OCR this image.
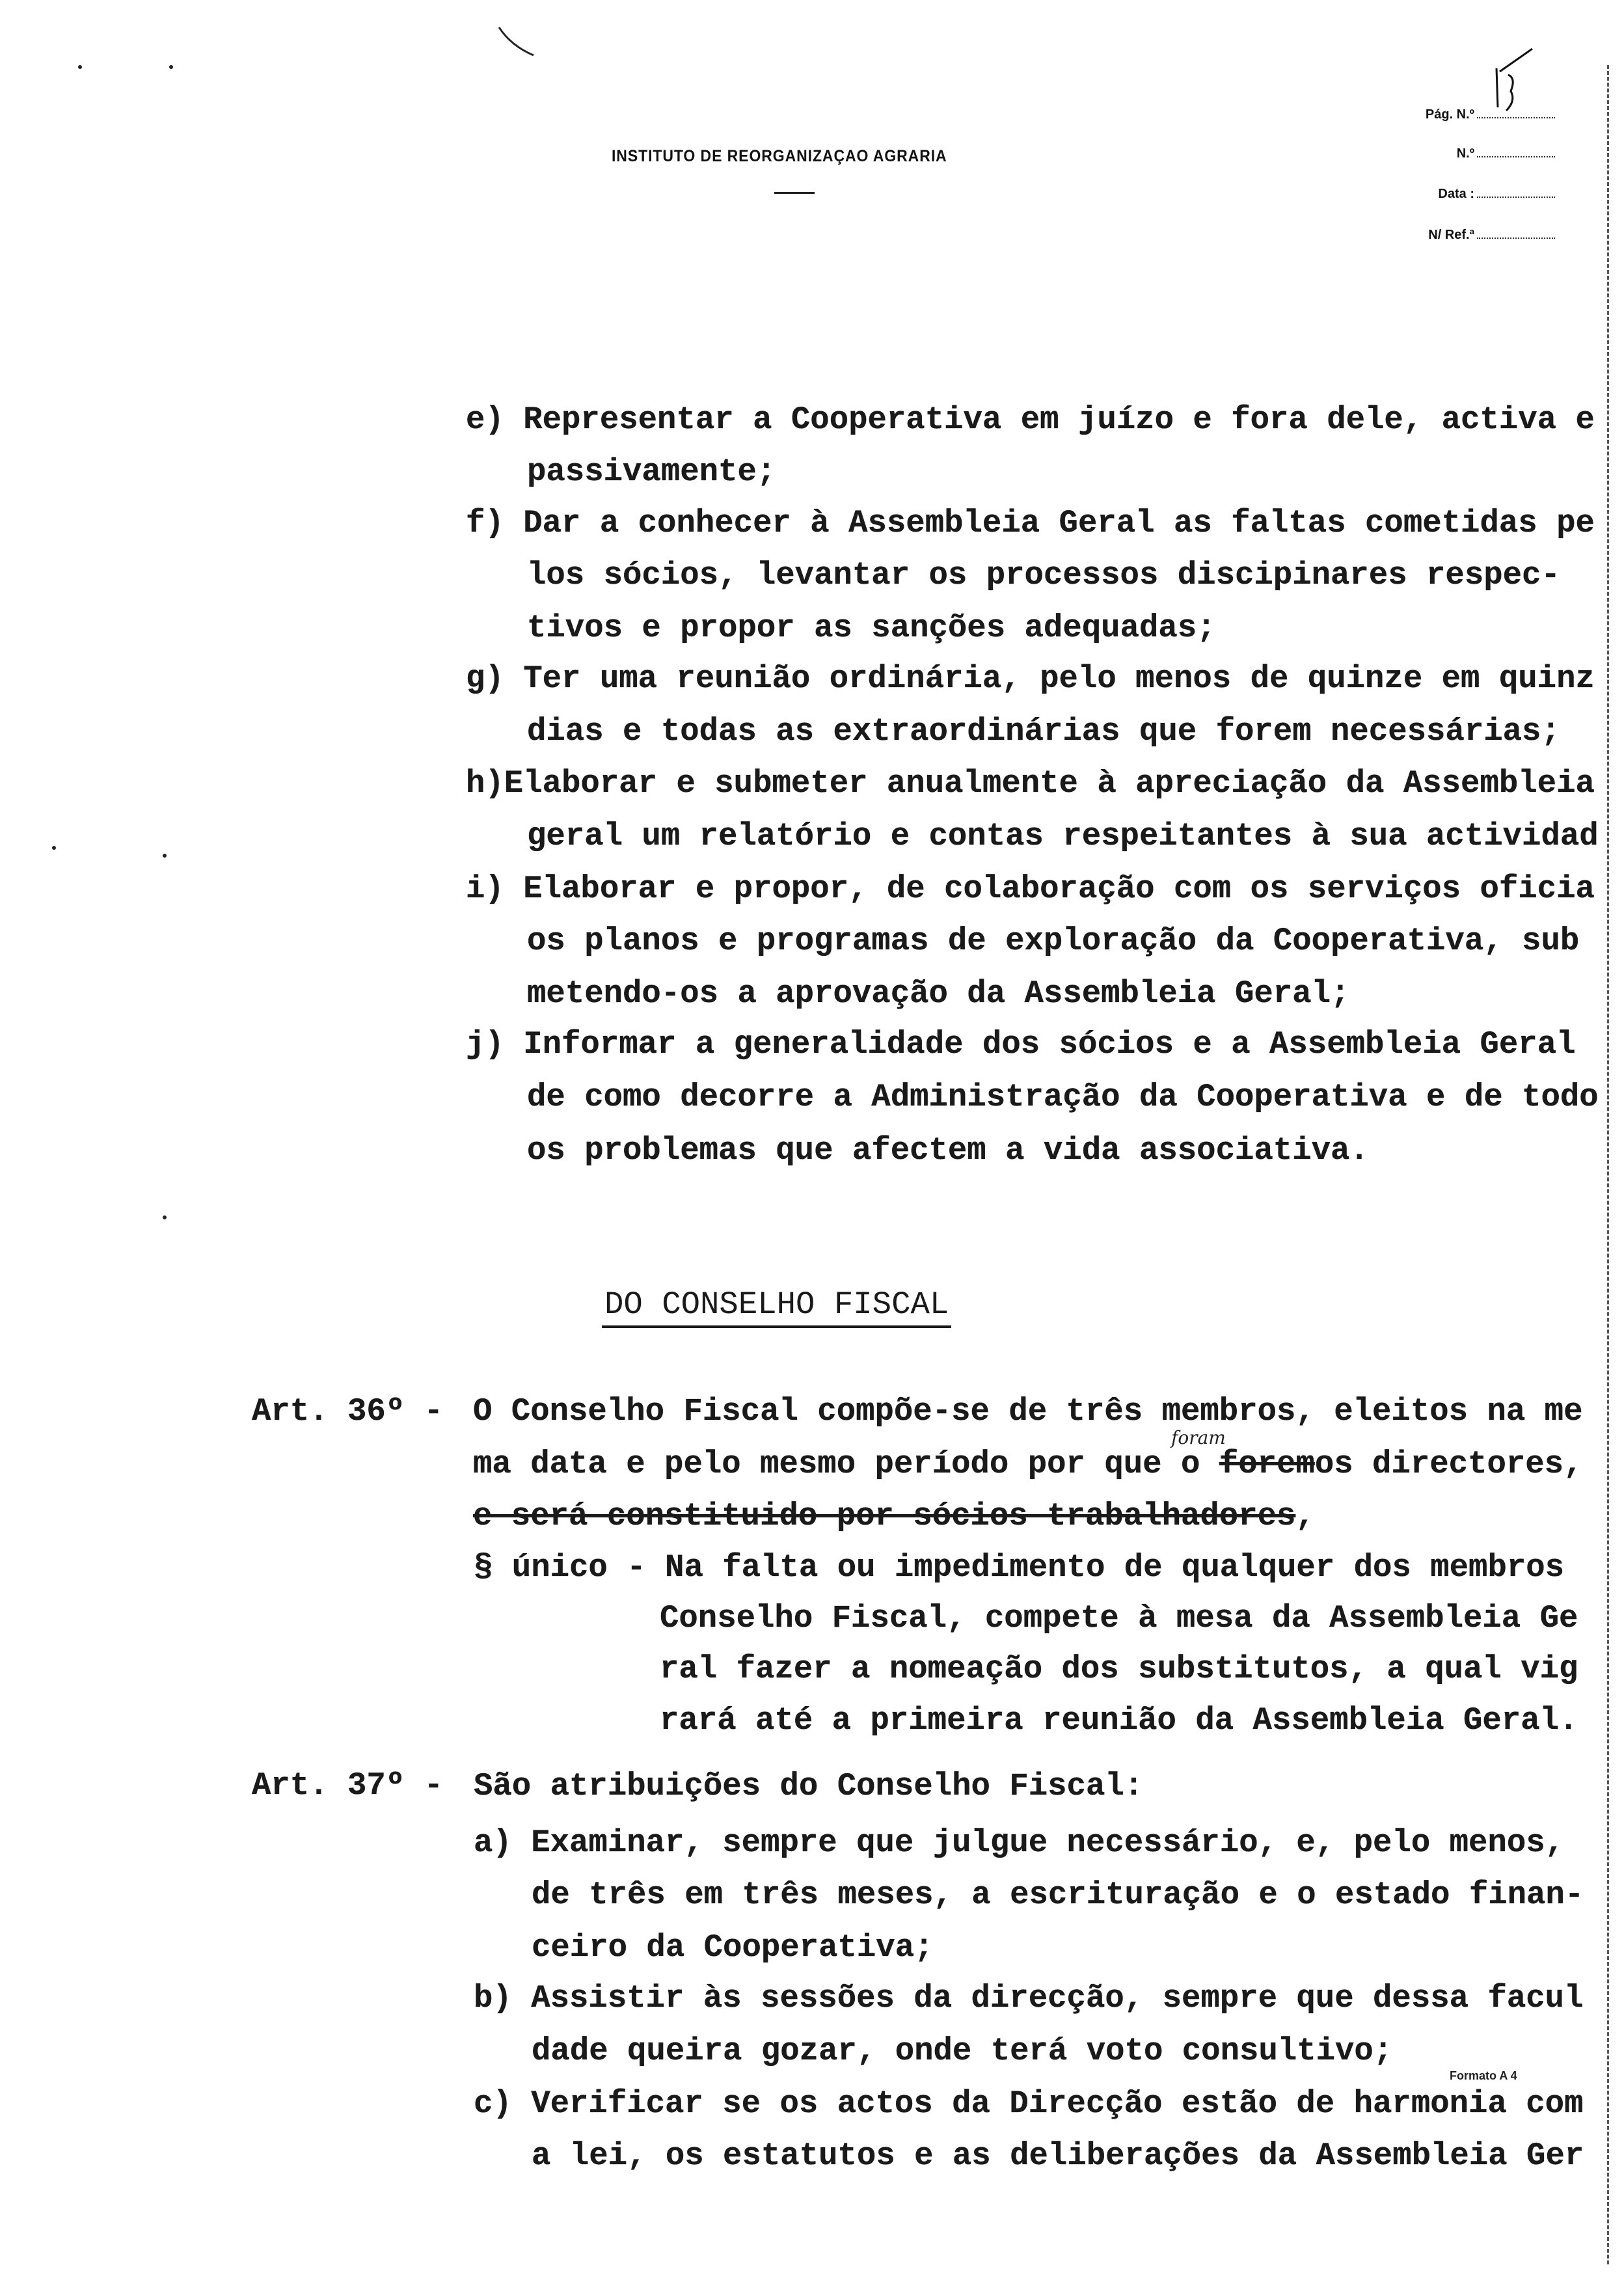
INSTITUTO DE REORGANIZAÇAO AGRARIA
Pág. N.º
N.º
Data :
N/ Ref.ª
DO CONSELHO FISCAL
foram
Art. 36º - O Conselho Fiscal compõe-se de três membros, eleitos na me
ma data e pelo mesmo período por que o foremos directores,
e será constituido por sócios trabalhadores,
Art. 37º -
Formato A 4
e) Representar a Cooperativa em juízo e fora dele, activa e
passivamente;
f) Dar a conhecer à Assembleia Geral as faltas cometidas pe
los sócios, levantar os processos discipinares respec-
tivos e propor as sanções adequadas;
g) Ter uma reunião ordinária, pelo menos de quinze em quinz
dias e todas as extraordinárias que forem necessárias;
h)Elaborar e submeter anualmente à apreciação da Assembleia
geral um relatório e contas respeitantes à sua actividad
i) Elaborar e propor, de colaboração com os serviços oficia
os planos e programas de exploração da Cooperativa, sub
metendo-os a aprovação da Assembleia Geral;
j) Informar a generalidade dos sócios e a Assembleia Geral
de como decorre a Administração da Cooperativa e de todo
os problemas que afectem a vida associativa.
§ único - Na falta ou impedimento de qualquer dos membros
Conselho Fiscal, compete à mesa da Assembleia Ge
ral fazer a nomeação dos substitutos, a qual vig
rará até a primeira reunião da Assembleia Geral.
São atribuições do Conselho Fiscal:
a) Examinar, sempre que julgue necessário, e, pelo menos,
de três em três meses, a escrituração e o estado finan-
ceiro da Cooperativa;
b) Assistir às sessões da direcção, sempre que dessa facul
dade queira gozar, onde terá voto consultivo;
c) Verificar se os actos da Direcção estão de harmonia com
a lei, os estatutos e as deliberações da Assembleia Ger
